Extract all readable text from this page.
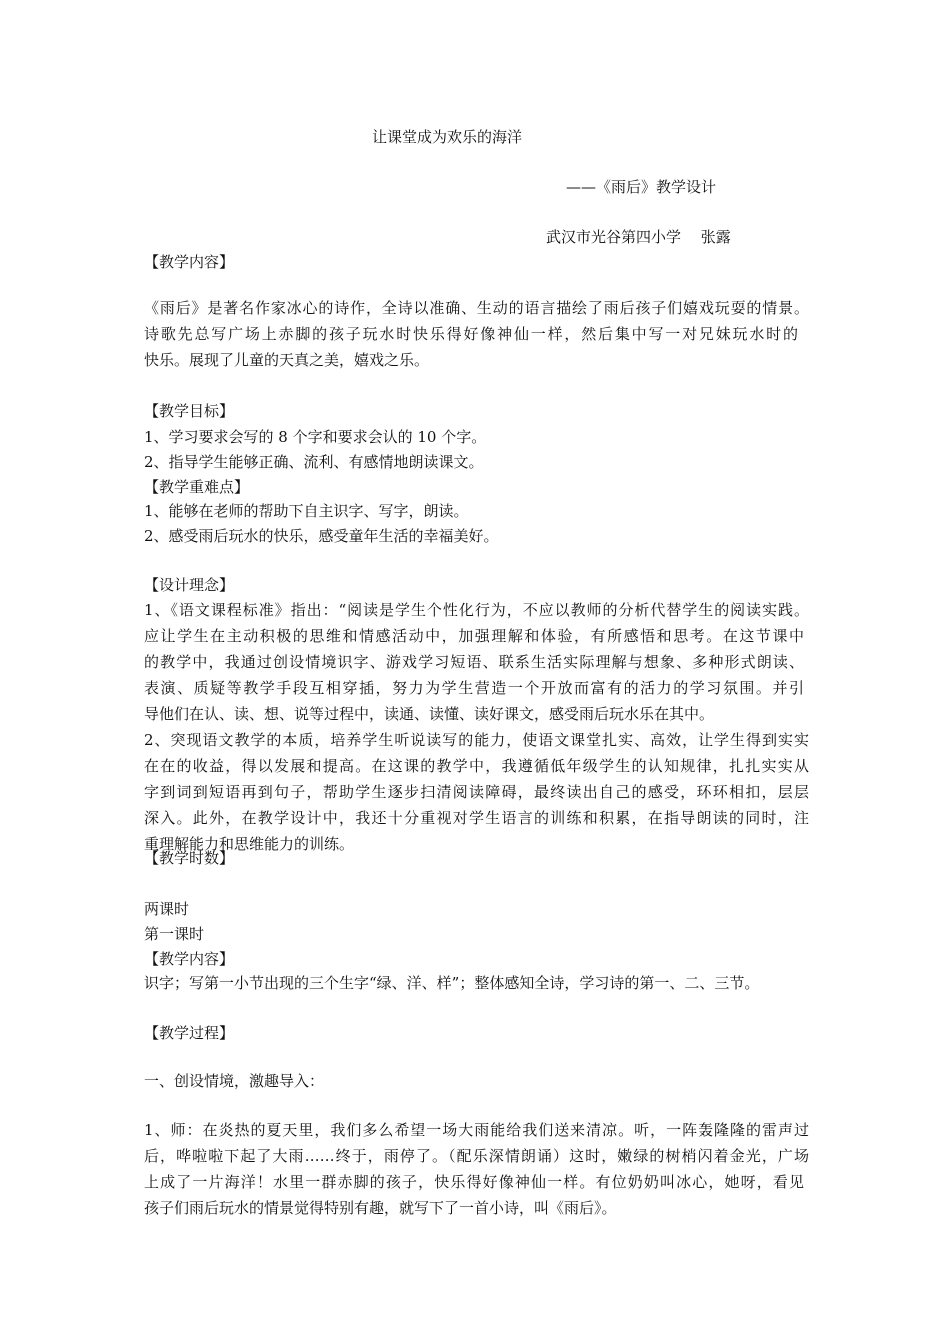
让课堂成为欢乐的海洋
——《雨后》教学设计
武汉市光谷第四小学　 张露
【教学内容】
《雨后》是著名作家冰心的诗作，全诗以准确、生动的语言描绘了雨后孩子们嬉戏玩耍的情景。
诗歌先总写广场上赤脚的孩子玩水时快乐得好像神仙一样，然后集中写一对兄妹玩水时的
快乐。展现了儿童的天真之美，嬉戏之乐。
【教学目标】
1、学习要求会写的 8 个字和要求会认的 10 个字。
2、指导学生能够正确、流利、有感情地朗读课文。
【教学重难点】
1、能够在老师的帮助下自主识字、写字，朗读。
2、感受雨后玩水的快乐，感受童年生活的幸福美好。
【设计理念】
1、《语文课程标准》指出：“阅读是学生个性化行为，不应以教师的分析代替学生的阅读实践。
应让学生在主动积极的思维和情感活动中，加强理解和体验，有所感悟和思考。在这节课中
的教学中，我通过创设情境识字、游戏学习短语、联系生活实际理解与想象、多种形式朗读、
表演、质疑等教学手段互相穿插，努力为学生营造一个开放而富有的活力的学习氛围。并引
导他们在认、读、想、说等过程中，读通、读懂、读好课文，感受雨后玩水乐在其中。
2、突现语文教学的本质，培养学生听说读写的能力，使语文课堂扎实、高效，让学生得到实实
在在的收益，得以发展和提高。在这课的教学中，我遵循低年级学生的认知规律，扎扎实实从
字到词到短语再到句子，帮助学生逐步扫清阅读障碍，最终读出自己的感受，环环相扣，层层
深入。此外，在教学设计中，我还十分重视对学生语言的训练和积累，在指导朗读的同时，注
重理解能力和思维能力的训练。
【教学时数】
两课时
第一课时
【教学内容】
识字；写第一小节出现的三个生字“绿、洋、样”；整体感知全诗，学习诗的第一、二、三节。
【教学过程】
一、创设情境，激趣导入：
1、师：在炎热的夏天里，我们多么希望一场大雨能给我们送来清凉。听，一阵轰隆隆的雷声过
后，哗啦啦下起了大雨……终于，雨停了。（配乐深情朗诵）这时，嫩绿的树梢闪着金光，广场
上成了一片海洋！水里一群赤脚的孩子，快乐得好像神仙一样。有位奶奶叫冰心，她呀，看见
孩子们雨后玩水的情景觉得特别有趣，就写下了一首小诗，叫《雨后》。
